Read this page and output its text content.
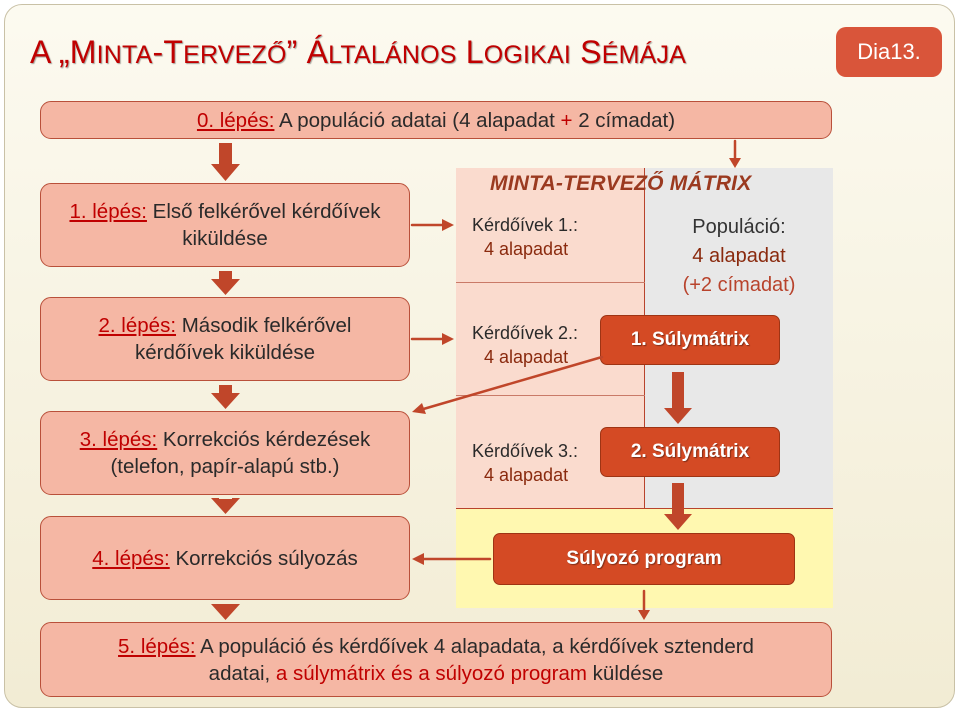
A „MINTA-TERVEZŐ” ÁLTALÁNOS LOGIKAI SÉMÁJA	Dia13.
MINTA-TERVEZŐ MÁTRIX
Kérdőívek 1.:
4 alapadat
Kérdőívek 2.:
4 alapadat
Kérdőívek 3.:
4 alapadat
Populáció:
4 alapadat
(+2 címadat)
1. Súlymátrix
2. Súlymátrix
Súlyozó program
0. lépés: A populáció adatai (4 alapadat + 2 címadat)
1. lépés: Első felkérővel kérdőívek
kiküldése
2. lépés: Második felkérővel
kérdőívek kiküldése
3. lépés: Korrekciós kérdezések
(telefon, papír-alapú stb.)
4. lépés: Korrekciós súlyozás
5. lépés: A populáció és kérdőívek 4 alapadata, a kérdőívek sztenderd
adatai, a súlymátrix és a súlyozó program küldése
